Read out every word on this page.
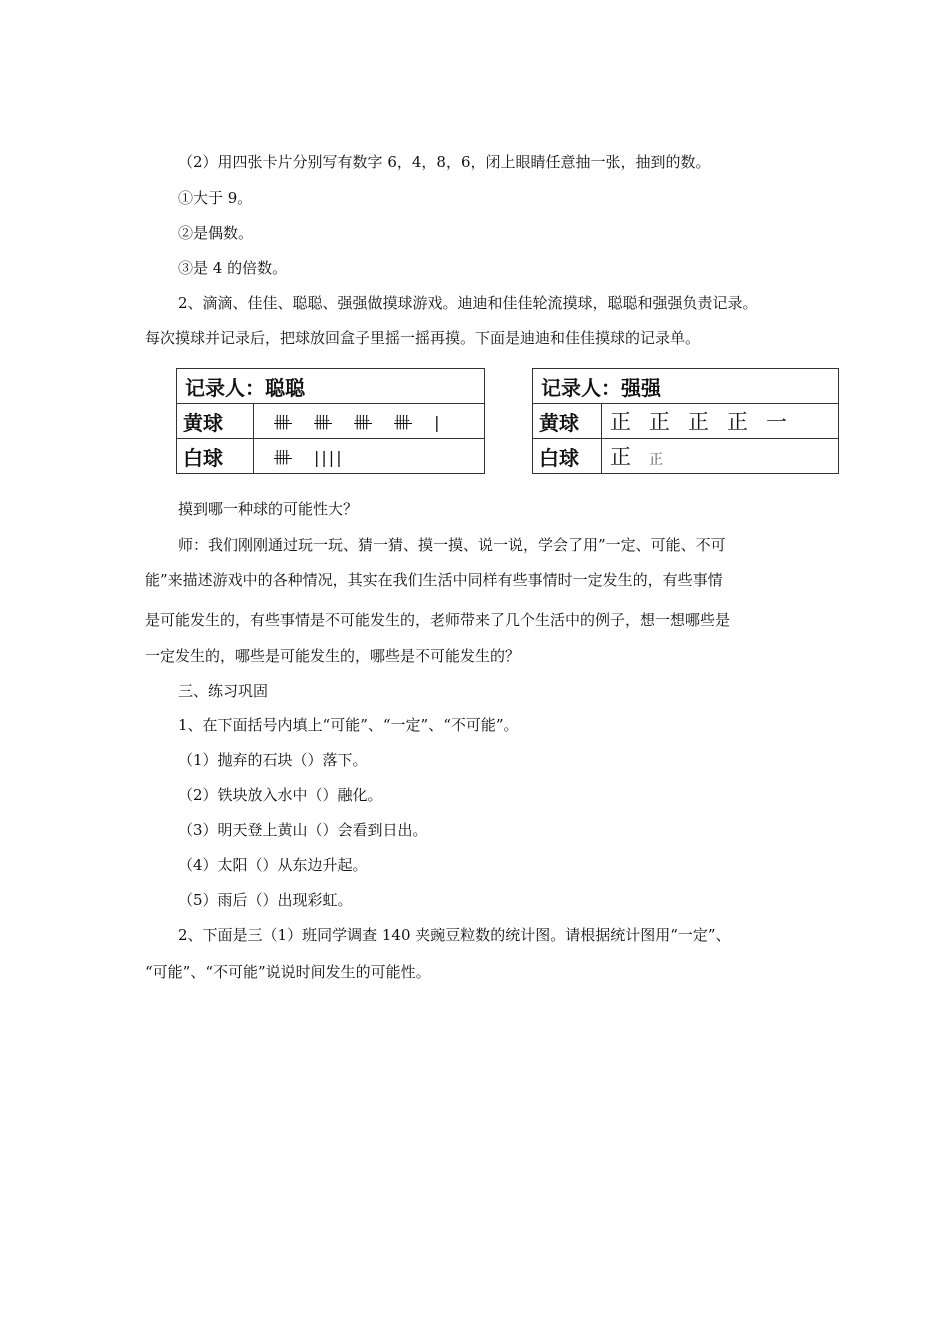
（2）用四张卡片分别写有数字 6，4，8，6，闭上眼睛任意抽一张，抽到的数。
①大于 9。
②是偶数。
③是 4 的倍数。
2、滴滴、佳佳、聪聪、强强做摸球游戏。迪迪和佳佳轮流摸球，聪聪和强强负责记录。
每次摸球并记录后，把球放回盒子里摇一摇再摸。下面是迪迪和佳佳摸球的记录单。
记录人：聪聪	
黄球	卌 卌 卌 卌 |
白球	卌 ||||
记录人：强强	
黄球	正 正 正 正 一
白球	正 正
摸到哪一种球的可能性大？
师：我们刚刚通过玩一玩、猜一猜、摸一摸、说一说，学会了用”一定、可能、不可
能”来描述游戏中的各种情况，其实在我们生活中同样有些事情时一定发生的，有些事情
是可能发生的，有些事情是不可能发生的，老师带来了几个生活中的例子，想一想哪些是
一定发生的，哪些是可能发生的，哪些是不可能发生的？
三、练习巩固
1、在下面括号内填上“可能”、“一定”、“不可能”。
（1）抛弃的石块（）落下。
（2）铁块放入水中（）融化。
（3）明天登上黄山（）会看到日出。
（4）太阳（）从东边升起。
（5）雨后（）出现彩虹。
2、下面是三（1）班同学调查 140 夹豌豆粒数的统计图。请根据统计图用“一定”、
“可能”、“不可能”说说时间发生的可能性。
